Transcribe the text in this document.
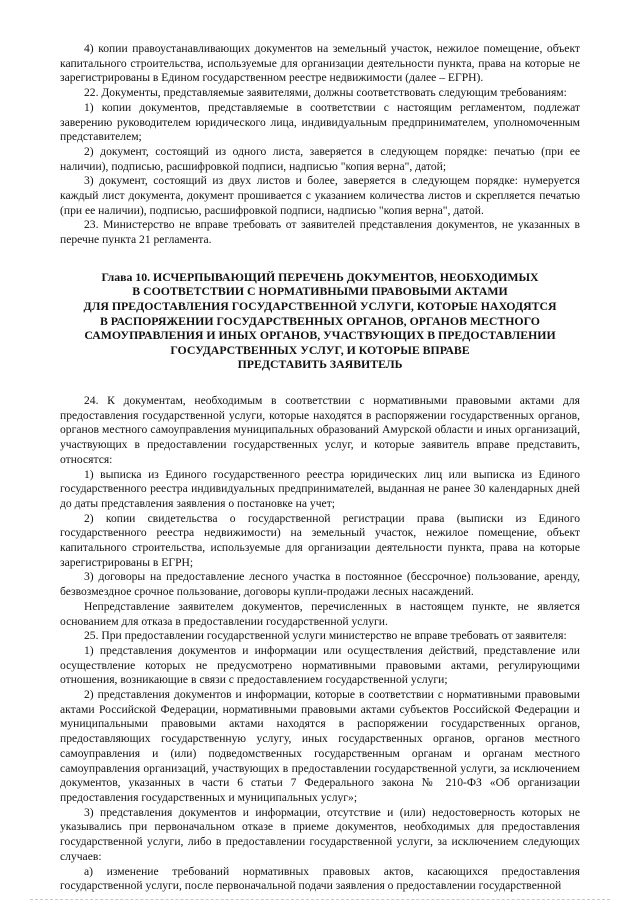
4) копии правоустанавливающих документов на земельный участок, нежилое помещение, объект капитального строительства, используемые для организации деятельности пункта, права на которые не зарегистрированы в Едином государственном реестре недвижимости (далее – ЕГРН).

22. Документы, представляемые заявителями, должны соответствовать следующим требованиям:

1) копии документов, представляемые в соответствии с настоящим регламентом, подлежат заверению руководителем юридического лица, индивидуальным предпринимателем, уполномоченным представителем;

2) документ, состоящий из одного листа, заверяется в следующем порядке: печатью (при ее наличии), подписью, расшифровкой подписи, надписью "копия верна", датой;

3) документ, состоящий из двух листов и более, заверяется в следующем порядке: нумеруется каждый лист документа, документ прошивается с указанием количества листов и скрепляется печатью (при ее наличии), подписью, расшифровкой подписи, надписью "копия верна", датой.

23. Министерство не вправе требовать от заявителей представления документов, не указанных в перечне пункта 21 регламента.

Глава 10. ИСЧЕРПЫВАЮЩИЙ ПЕРЕЧЕНЬ ДОКУМЕНТОВ, НЕОБХОДИМЫХ
В СООТВЕТСТВИИ С НОРМАТИВНЫМИ ПРАВОВЫМИ АКТАМИ
ДЛЯ ПРЕДОСТАВЛЕНИЯ ГОСУДАРСТВЕННОЙ УСЛУГИ, КОТОРЫЕ НАХОДЯТСЯ
В РАСПОРЯЖЕНИИ ГОСУДАРСТВЕННЫХ ОРГАНОВ, ОРГАНОВ МЕСТНОГО
САМОУПРАВЛЕНИЯ И ИНЫХ ОРГАНОВ, УЧАСТВУЮЩИХ В ПРЕДОСТАВЛЕНИИ
ГОСУДАРСТВЕННЫХ УСЛУГ, И КОТОРЫЕ ВПРАВЕ
ПРЕДСТАВИТЬ ЗАЯВИТЕЛЬ

24. К документам, необходимым в соответствии с нормативными правовыми актами для предоставления государственной услуги, которые находятся в распоряжении государственных органов, органов местного самоуправления муниципальных образований Амурской области и иных организаций, участвующих в предоставлении государственных услуг, и которые заявитель вправе представить, относятся:

1) выписка из Единого государственного реестра юридических лиц или выписка из Единого государственного реестра индивидуальных предпринимателей, выданная не ранее 30 календарных дней до даты представления заявления о постановке на учет;

2) копии свидетельства о государственной регистрации права (выписки из Единого государственного реестра недвижимости) на земельный участок, нежилое помещение, объект капитального строительства, используемые для организации деятельности пункта, права на которые зарегистрированы в ЕГРН;

3) договоры на предоставление лесного участка в постоянное (бессрочное) пользование, аренду, безвозмездное срочное пользование, договоры купли-продажи лесных насаждений.

Непредставление заявителем документов, перечисленных в настоящем пункте, не является основанием для отказа в предоставлении государственной услуги.

25. При предоставлении государственной услуги министерство не вправе требовать от заявителя:

1) представления документов и информации или осуществления действий, представление или осуществление которых не предусмотрено нормативными правовыми актами, регулирующими отношения, возникающие в связи с предоставлением государственной услуги;

2) представления документов и информации, которые в соответствии с нормативными правовыми актами Российской Федерации, нормативными правовыми актами субъектов Российской Федерации и муниципальными правовыми актами находятся в распоряжении государственных органов, предоставляющих государственную услугу, иных государственных органов, органов местного самоуправления и (или) подведомственных государственным органам и органам местного самоуправления организаций, участвующих в предоставлении государственной услуги, за исключением документов, указанных в части 6 статьи 7 Федерального закона № 210-ФЗ «Об организации предоставления государственных и муниципальных услуг»;

3) представления документов и информации, отсутствие и (или) недостоверность которых не указывались при первоначальном отказе в приеме документов, необходимых для предоставления государственной услуги, либо в предоставлении государственной услуги, за исключением следующих случаев:

а) изменение требований нормативных правовых актов, касающихся предоставления государственной услуги, после первоначальной подачи заявления о предоставлении государственной
